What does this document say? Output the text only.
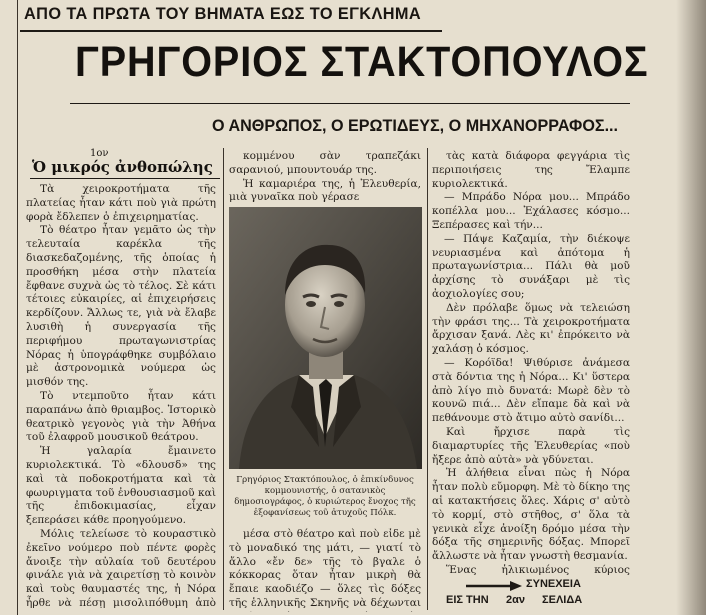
ΑΠΟ ΤΑ ΠΡΩΤΑ ΤΟΥ ΒΗΜΑΤΑ ΕΩΣ ΤΟ ΕΓΚΛΗΜΑ
ΓΡΗΓΟΡΙΟΣ ΣΤΑΚΤΟΠΟΥΛΟΣ
Ο ΑΝΘΡΩΠΟΣ, Ο ΕΡΩΤΙΔΕΥΣ, Ο ΜΗΧΑΝΟΡΡΑΦΟΣ...
1ον
Ὁ μικρός ἀνθοπώλης

Τὰ χειροκροτήματα τῆς πλατείας ἦταν κάτι ποὺ γιὰ πρώτη φορὰ ἔδλεπεν ὁ ἐπιχειρηματίας.

Τὸ θέατρο ἦταν γεμᾶτο ὡς τὴν τελευταία καρέκλα τῆς διασκεδαζομένης, τῆς ὁποίας ἡ προσθήκη μέσα στὴν πλατεία ἔφθανε συχνὰ ὡς τὸ τέλος. Σὲ κάτι τέτοιες εὐκαιρίες, αἱ ἐπιχειρήσεις κερδίζουν. Ἄλλως τε, γιὰ νὰ ἔλαβε λυσιθὴ ἡ συνεργασία τῆς περιφήμου πρωταγωνιστρίας Νόρας ἡ ὑπογράφθηκε συμβόλαιο μὲ ἀστρονομικὰ νούμερα ὡς μισθόν της.

Τὸ ντεμποῦτο ἦταν κάτι παραπάνω ἀπὸ θριαμβος. Ἱστορικὸ θεατρικὸ γεγονὸς γιὰ τὴν Ἀθήνα τοῦ ἐλαφροῦ μουσικοῦ θεάτρου.

Ἡ γαλαρία ἔμαινετο κυριολεκτικά. Τὸ «δλουσδ» της καὶ τὰ ποδοκροτήματα καὶ τὰ φωυριγματα τοῦ ἐνθουσιασμοῦ καὶ τῆς ἐπιδοκιμασίας, εἶχαν ξεπεράσει κάθε προηγούμενο.

Μόλις τελείωσε τὸ κουραστικὸ ἐκεῖνο νούμερο ποὺ πέντε φορὲς ἄνοιξε τὴν αὐλαία τοῦ δευτέρου φινάλε γιὰ νὰ χαιρετίσῃ τὸ κοινὸν καὶ τοὺς θαυμαστές της, ἡ Νόρα ἦρθε νὰ πέσῃ μισολιπόθυμη ἀπὸ

κομμένου σὰν τραπεζάκι σαρανιού, μπουντουάρ της.

Ἡ καμαριέρα της, ἡ Ἐλευθερία, μιὰ γυναῖκα ποὺ γέρασε

Γρηγόριος Στακτόπουλος, ὁ ἐπικίνδυνος κομμουνιστής, ὁ σατανικὸς δημοσιογράφος, ὁ κυριώτερος ἔνοχος τῆς ἐξοφανίσεως τοῦ ἀτυχοῦς Πόλκ.

μέσα στὸ θέατρο καὶ ποὺ εἶδε μὲ τὸ μοναδικό της μάτι, — γιατί τὸ ἄλλο «ἔν δε» τῆς τὸ βγαλε ὁ κόκκορας ὅταν ἦταν μικρὴ θὰ ἔπαιε καοδιέζο — ὅλες τὶς δόξες τῆς ἑλληνικῆς Σκηνῆς νὰ δέχωνται

τὰς κατὰ διάφορα φεγγάρια τὶς περιποιήσεις της Ἔλαμπε κυριολεκτικά.

— Μπράδο Νόρα μου... Μπράδο κοπέλλα μου... Ἐχάλασες κόσμο... Ξεπέρασες καὶ τήν...

— Πάψε Καζαμία, τὴν διέκοψε νευριασμένα καὶ ἀπότομα ἡ πρωταγωνίστρια... Πάλι θὰ μοῦ ἀρχίσης τὸ συνάξαρι μὲ τὶς ἀοχιολογίες σου;

Δὲν πρόλαβε ὅμως νὰ τελειώση τὴν φράσι της... Τὰ χειροκροτήματα ἄρχισαν ξανά. Λὲς κι' ἐπρόκειτο νὰ χαλάσῃ ὁ κόσμος.

— Κορόϊδα! Ψιθύρισε ἀνάμεσα στὰ δόντια της ἡ Νόρα... Κι' ὕστερα ἀπὸ λίγο πιὸ δυνατά: Μωρὲ δὲν τὸ κουνῶ πιά... Δὲν εἴπαμε δὰ καὶ νὰ πεθάνουμε στὸ ἄτιμο αὐτὸ σανίδι...

Καὶ ἤρχισε παρὰ τὶς διαμαρτυρίες τῆς Ἐλευθερίας «ποὺ ἤξερε ἀπὸ αὐτὰ» νὰ γδύνεται.

Ἡ ἀλήθεια εἶναι πὼς ἡ Νόρα ἦταν πολὺ εὔμορφη. Μὲ τὸ δίκηο της αἱ κατακτήσεις ὅλες. Χάρις σ' αὐτὸ τὸ κορμί, στὸ στῆθος, σ' ὅλα τὰ γενικὰ εἶχε ἀνοίξη δρόμο μέσα τὴν δόξα τῆς σημερινῆς δόξας. Μπορεῖ ἄλλωστε νὰ ἦταν γνωστὴ θεσμανία.

Ἕνας ἡλικιωμένος κύριος

ΣΥΝΕΧΕΙΑ
ΕΙΣ ΤΗΝ 2αν ΣΕΛΙΔΑ
